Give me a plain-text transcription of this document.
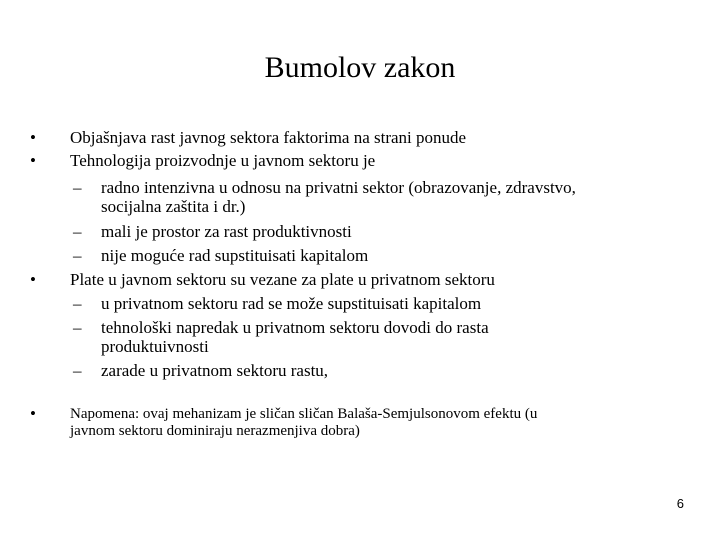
Bumolov zakon
• Objašnjava rast javnog sektora faktorima na strani ponude
• Tehnologija proizvodnje u javnom sektoru je
– radno intenzivna u odnosu na privatni sektor (obrazovanje, zdravstvo,
socijalna zaštita i dr.)
– mali je prostor za rast produktivnosti
– nije moguće rad supstituisati kapitalom
• Plate u javnom sektoru su vezane za plate u privatnom sektoru
– u privatnom sektoru rad se može supstituisati kapitalom
– tehnološki napredak u privatnom sektoru dovodi do rasta
produktuivnosti
– zarade u privatnom sektoru rastu,
• Napomena: ovaj mehanizam je sličan sličan Balaša-Semjulsonovom efektu (u
javnom sektoru dominiraju nerazmenjiva dobra)
6
